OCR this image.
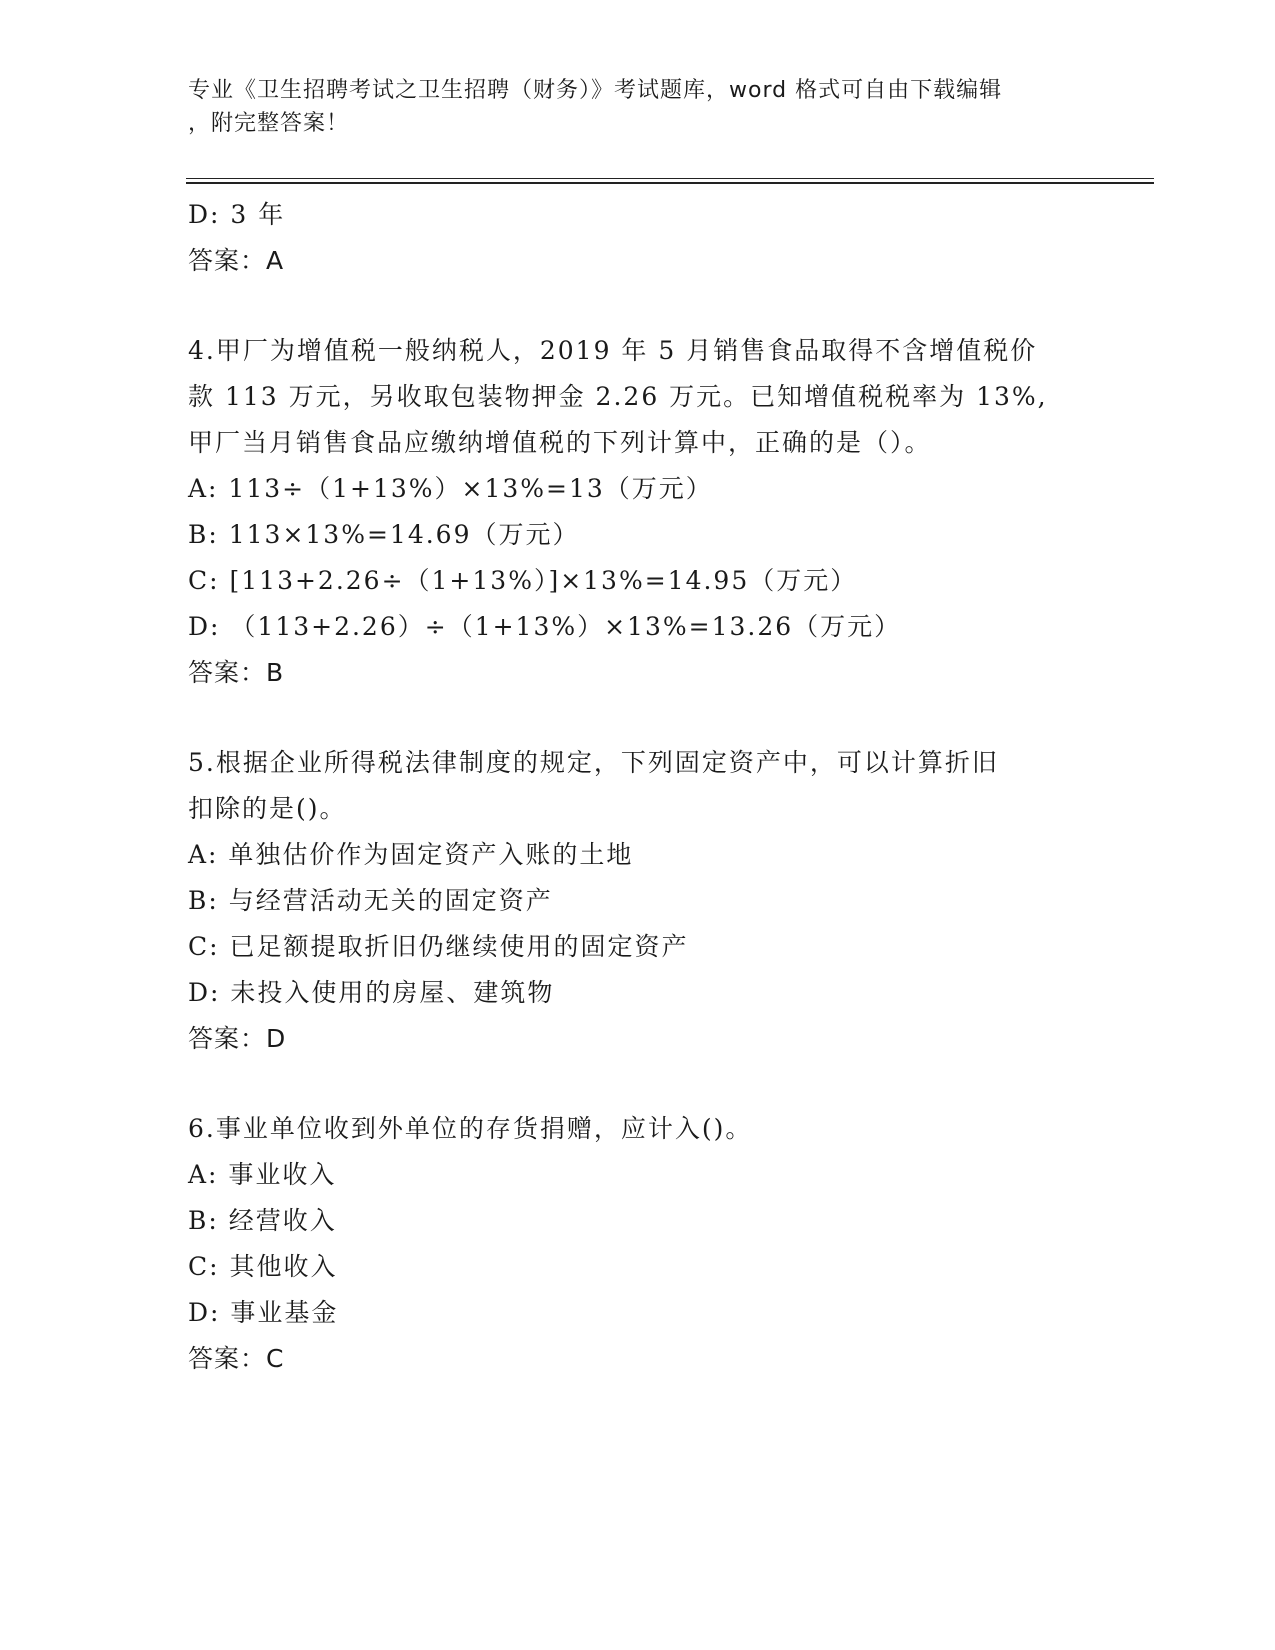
专业《卫生招聘考试之卫生招聘（财务）》考试题库，word 格式可自由下载编辑
，附完整答案！
D: 3 年
答案：A
4.甲厂为增值税一般纳税人，2019 年 5 月销售食品取得不含增值税价
款 113 万元，另收取包装物押金 2.26 万元。已知增值税税率为 13%,
甲厂当月销售食品应缴纳增值税的下列计算中，正确的是（）。
A: 113÷（1+13%）×13%=13（万元）
B: 113×13%=14.69（万元）
C: [113+2.26÷（1+13%）]×13%=14.95（万元）
D: （113+2.26）÷（1+13%）×13%=13.26（万元）
答案：B
5.根据企业所得税法律制度的规定，下列固定资产中，可以计算折旧
扣除的是()。
A: 单独估价作为固定资产入账的土地
B: 与经营活动无关的固定资产
C: 已足额提取折旧仍继续使用的固定资产
D: 未投入使用的房屋、建筑物
答案：D
6.事业单位收到外单位的存货捐赠，应计入()。
A: 事业收入
B: 经营收入
C: 其他收入
D: 事业基金
答案：C
